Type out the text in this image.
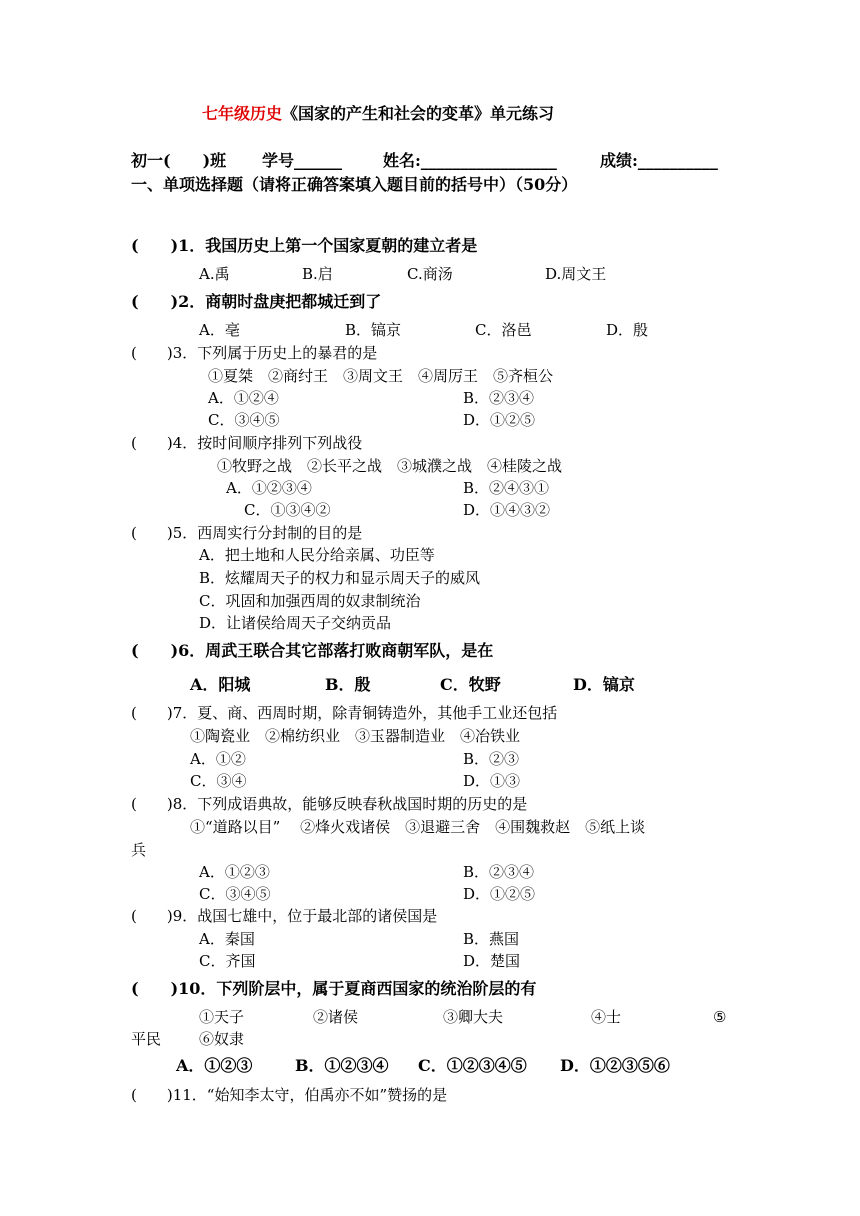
七年级历史《国家的产生和社会的变革》单元练习
初一(　　)班 学号______	姓名:_________________	成绩:__________
一、单项选择题（请将正确答案填入题目前的括号中）（50分）
(　　)1．我国历史上第一个国家夏朝的建立者是
A.禹	B.启	C.商汤	D.周文王
(　　)2．商朝时盘庚把都城迁到了
A．亳	B．镐京	C．洛邑	D．殷
(　　)3．下列属于历史上的暴君的是
①夏桀　②商纣王　③周文王　④周厉王　⑤齐桓公
A．①②④	B．②③④
C．③④⑤	D．①②⑤
(　　)4．按时间顺序排列下列战役
①牧野之战　②长平之战　③城濮之战　④桂陵之战
A．①②③④	B．②④③①
C．①③④②	D．①④③②
(　　)5．西周实行分封制的目的是
A．把土地和人民分给亲属、功臣等
B．炫耀周天子的权力和显示周天子的威风
C．巩固和加强西周的奴隶制统治
D．让诸侯给周天子交纳贡品
(　　)6．周武王联合其它部落打败商朝军队，是在
A．阳城	B．殷	C．牧野	D．镐京
(　　)7．夏、商、西周时期，除青铜铸造外，其他手工业还包括
①陶瓷业　②棉纺织业　③玉器制造业　④冶铁业
A．①②	B．②③
C．③④	D．①③
(　　)8．下列成语典故，能够反映春秋战国时期的历史的是
①“道路以目”　 ②烽火戏诸侯　③退避三舍　④围魏救赵　⑤纸上谈
兵
A．①②③	B．②③④
C．③④⑤	D．①②⑤
(　　)9．战国七雄中，位于最北部的诸侯国是
A．秦国	B．燕国
C．齐国	D．楚国
(　　)10．下列阶层中，属于夏商西国家的统治阶层的有
①天子	②诸侯	③卿大夫	④士	⑤
平民	⑥奴隶
A．①②③	B．①②③④ C．①②③④⑤ D．①②③⑤⑥
(　　)11．“始知李太守，伯禹亦不如”赞扬的是
